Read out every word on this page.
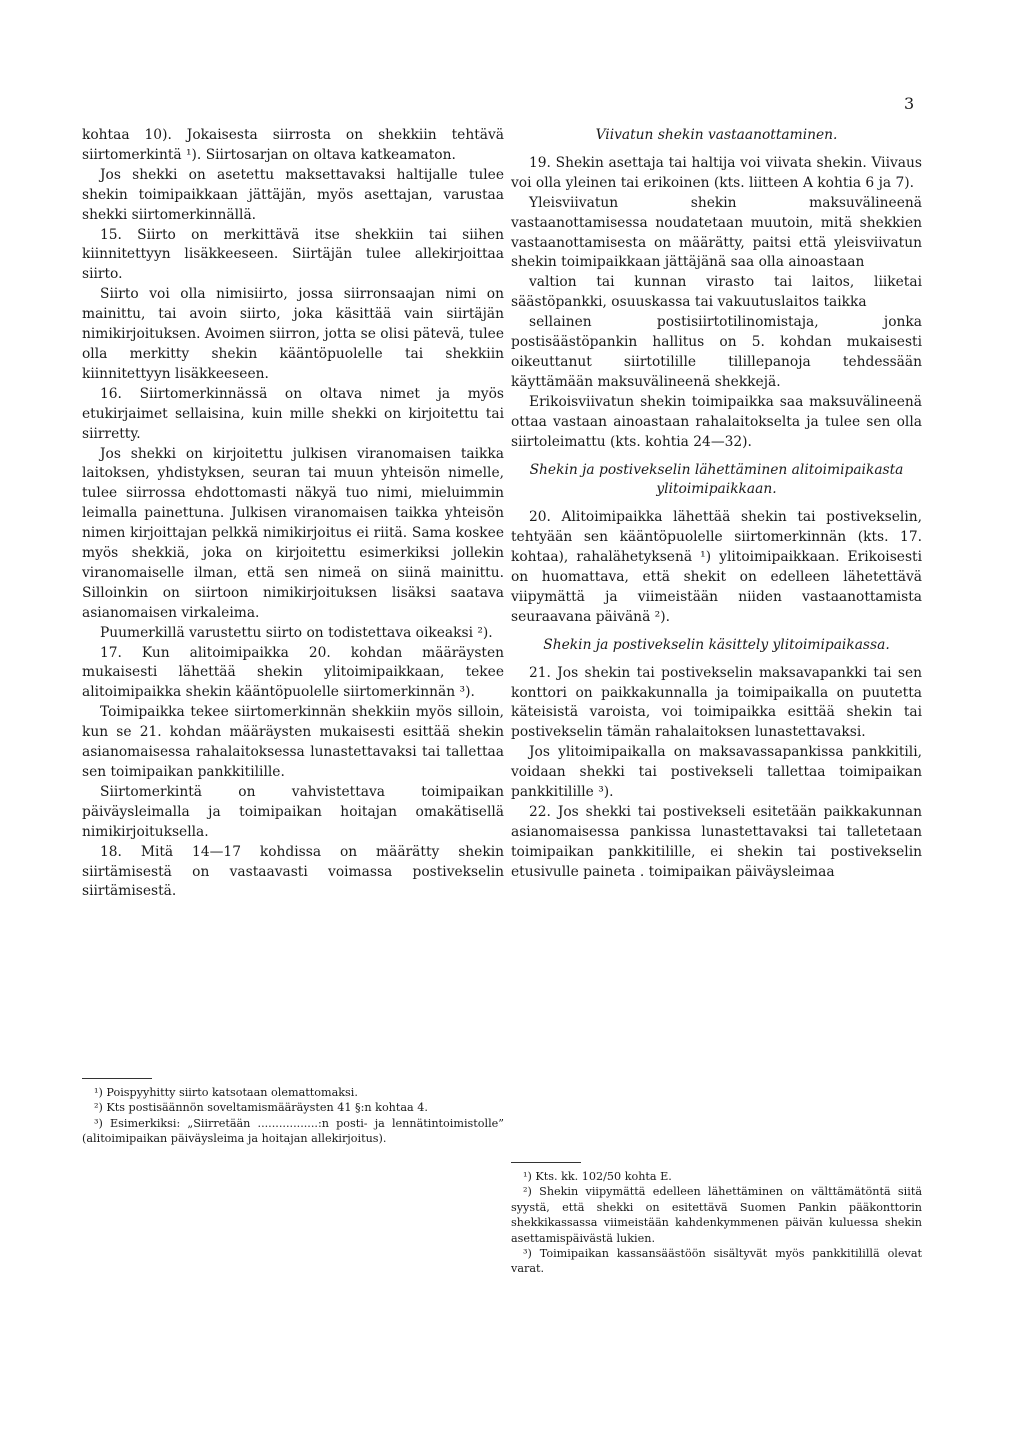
3

kohtaa 10). Jokaisesta siirrosta on shekkiin tehtävä siirtomerkintä ¹). Siirtosarjan on oltava katkeamaton.

Jos shekki on asetettu maksettavaksi haltijalle tulee shekin toimipaikkaan jättäjän, myös asettajan, varustaa shekki siirtomerkinnällä.

15. Siirto on merkittävä itse shekkiin tai siihen kiinnitettyyn lisäkkeeseen. Siirtäjän tulee allekirjoittaa siirto.

Siirto voi olla nimisiirto, jossa siirronsaajan nimi on mainittu, tai avoin siirto, joka käsittää vain siirtäjän nimikirjoituksen. Avoimen siirron, jotta se olisi pätevä, tulee olla merkitty shekin kääntöpuolelle tai shekkiin kiinnitettyyn lisäkkeeseen.

16. Siirtomerkinnässä on oltava nimet ja myös etukirjaimet sellaisina, kuin mille shekki on kirjoitettu tai siirretty.

Jos shekki on kirjoitettu julkisen viranomaisen taikka laitoksen, yhdistyksen, seuran tai muun yhteisön nimelle, tulee siirrossa ehdottomasti näkyä tuo nimi, mieluimmin leimalla painettuna. Julkisen viranomaisen taikka yhteisön nimen kirjoittajan pelkkä nimikirjoitus ei riitä. Sama koskee myös shekkiä, joka on kirjoitettu esimerkiksi jollekin viranomaiselle ilman, että sen nimeä on siinä mainittu. Silloinkin on siirtoon nimikirjoituksen lisäksi saatava asianomaisen virkaleima.

Puumerkillä varustettu siirto on todistettava oikeaksi ²).

17. Kun alitoimipaikka 20. kohdan määräysten mukaisesti lähettää shekin ylitoimipaikkaan, tekee alitoimipaikka shekin kääntöpuolelle siirtomerkinnän ³).

Toimipaikka tekee siirtomerkinnän shekkiin myös silloin, kun se 21. kohdan määräysten mukaisesti esittää shekin asianomaisessa rahalaitoksessa lunastettavaksi tai tallettaa sen toimipaikan pankkitilille.

Siirtomerkintä on vahvistettava toimipaikan päiväysleimalla ja toimipaikan hoitajan omakätisellä nimikirjoituksella.

18. Mitä 14—17 kohdissa on määrätty shekin siirtämisestä on vastaavasti voimassa postivekselin siirtämisestä.

¹) Poispyyhitty siirto katsotaan olemattomaksi.

²) Kts postisäännön soveltamismääräysten 41 §:n kohtaa 4.

³) Esimerkiksi: „Siirretään .................:n posti- ja lennätintoimistolle” (alitoimipaikan päiväysleima ja hoitajan allekirjoitus).

Viivatun shekin vastaanottaminen.

19. Shekin asettaja tai haltija voi viivata shekin. Viivaus voi olla yleinen tai erikoinen (kts. liitteen A kohtia 6 ja 7).

Yleisviivatun shekin maksuvälineenä vastaanottamisessa noudatetaan muutoin, mitä shekkien vastaanottamisesta on määrätty, paitsi että yleisviivatun shekin toimipaikkaan jättäjänä saa olla ainoastaan

valtion tai kunnan virasto tai laitos, liiketai säästöpankki, osuuskassa tai vakuutuslaitos taikka

sellainen postisiirtotilinomistaja, jonka postisäästöpankin hallitus on 5. kohdan mukaisesti oikeuttanut siirtotilille tilillepanoja tehdessään käyttämään maksuvälineenä shekkejä.

Erikoisviivatun shekin toimipaikka saa maksuvälineenä ottaa vastaan ainoastaan rahalaitokselta ja tulee sen olla siirtoleimattu (kts. kohtia 24—32).

Shekin ja postivekselin lähettäminen alitoimipaikasta ylitoimipaikkaan.

20. Alitoimipaikka lähettää shekin tai postivekselin, tehtyään sen kääntöpuolelle siirtomerkinnän (kts. 17. kohtaa), rahalähetyksenä ¹) ylitoimipaikkaan. Erikoisesti on huomattava, että shekit on edelleen lähetettävä viipymättä ja viimeistään niiden vastaanottamista seuraavana päivänä ²).

Shekin ja postivekselin käsittely ylitoimipaikassa.

21. Jos shekin tai postivekselin maksavapankki tai sen konttori on paikkakunnalla ja toimipaikalla on puutetta käteisistä varoista, voi toimipaikka esittää shekin tai postivekselin tämän rahalaitoksen lunastettavaksi.

Jos ylitoimipaikalla on maksavassapankissa pankkitili, voidaan shekki tai postivekseli tallettaa toimipaikan pankkitilille ³).

22. Jos shekki tai postivekseli esitetään paikkakunnan asianomaisessa pankissa lunastettavaksi tai talletetaan toimipaikan pankkitilille, ei shekin tai postivekselin etusivulle paineta . toimipaikan päiväysleimaa

¹) Kts. kk. 102/50 kohta E.

²) Shekin viipymättä edelleen lähettäminen on välttämätöntä siitä syystä, että shekki on esitettävä Suomen Pankin pääkonttorin shekkikassassa viimeistään kahdenkymmenen päivän kuluessa shekin asettamispäivästä lukien.

³) Toimipaikan kassansäästöön sisältyvät myös pankkitilillä olevat varat.
